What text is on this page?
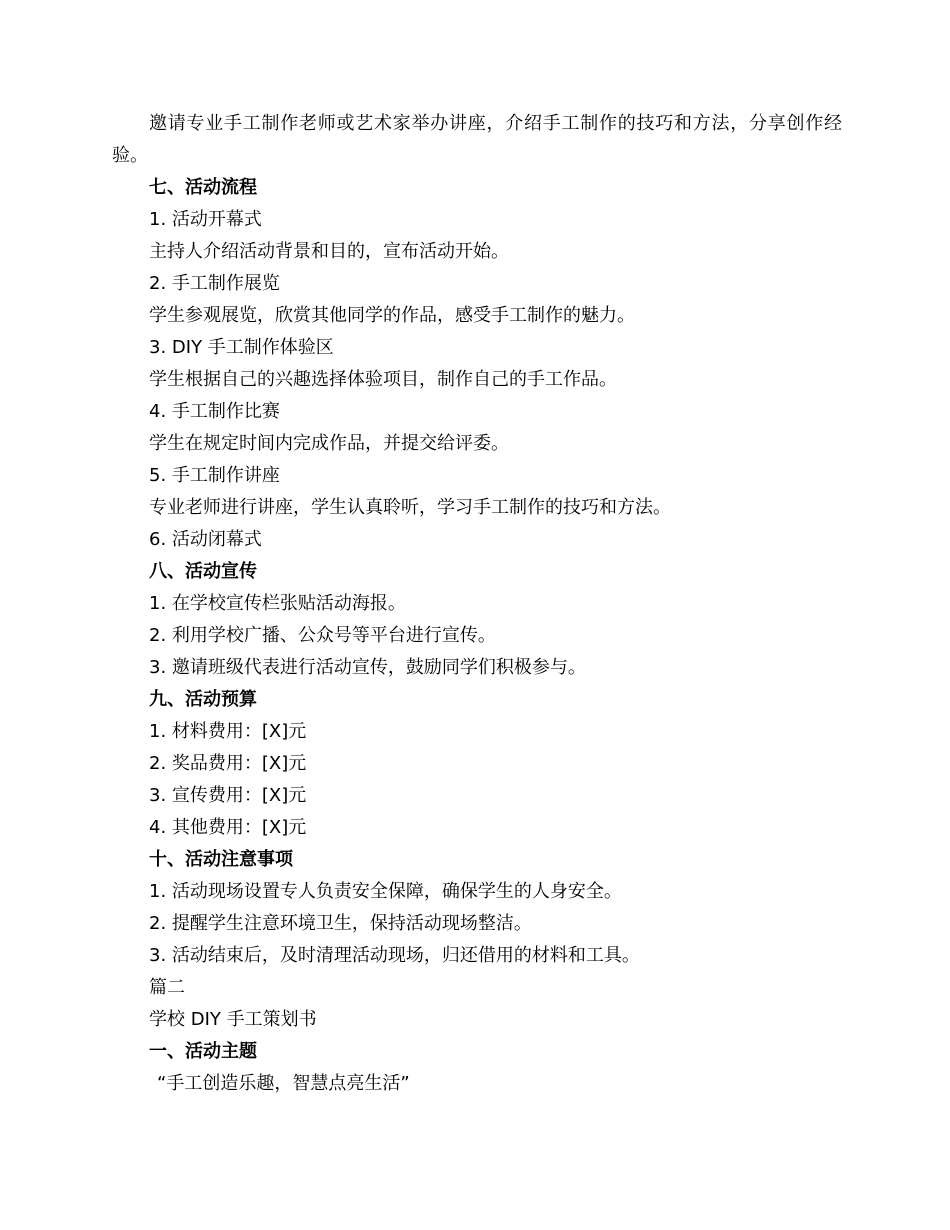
邀请专业手工制作老师或艺术家举办讲座，介绍手工制作的技巧和方法，分享创作经验。
七、活动流程
1. 活动开幕式
主持人介绍活动背景和目的，宣布活动开始。
2. 手工制作展览
学生参观展览，欣赏其他同学的作品，感受手工制作的魅力。
3. DIY 手工制作体验区
学生根据自己的兴趣选择体验项目，制作自己的手工作品。
4. 手工制作比赛
学生在规定时间内完成作品，并提交给评委。
5. 手工制作讲座
专业老师进行讲座，学生认真聆听，学习手工制作的技巧和方法。
6. 活动闭幕式
八、活动宣传
1. 在学校宣传栏张贴活动海报。
2. 利用学校广播、公众号等平台进行宣传。
3. 邀请班级代表进行活动宣传，鼓励同学们积极参与。
九、活动预算
1. 材料费用：[X]元
2. 奖品费用：[X]元
3. 宣传费用：[X]元
4. 其他费用：[X]元
十、活动注意事项
1. 活动现场设置专人负责安全保障，确保学生的人身安全。
2. 提醒学生注意环境卫生，保持活动现场整洁。
3. 活动结束后，及时清理活动现场，归还借用的材料和工具。
篇二
学校 DIY 手工策划书
一、活动主题
“手工创造乐趣，智慧点亮生活”
